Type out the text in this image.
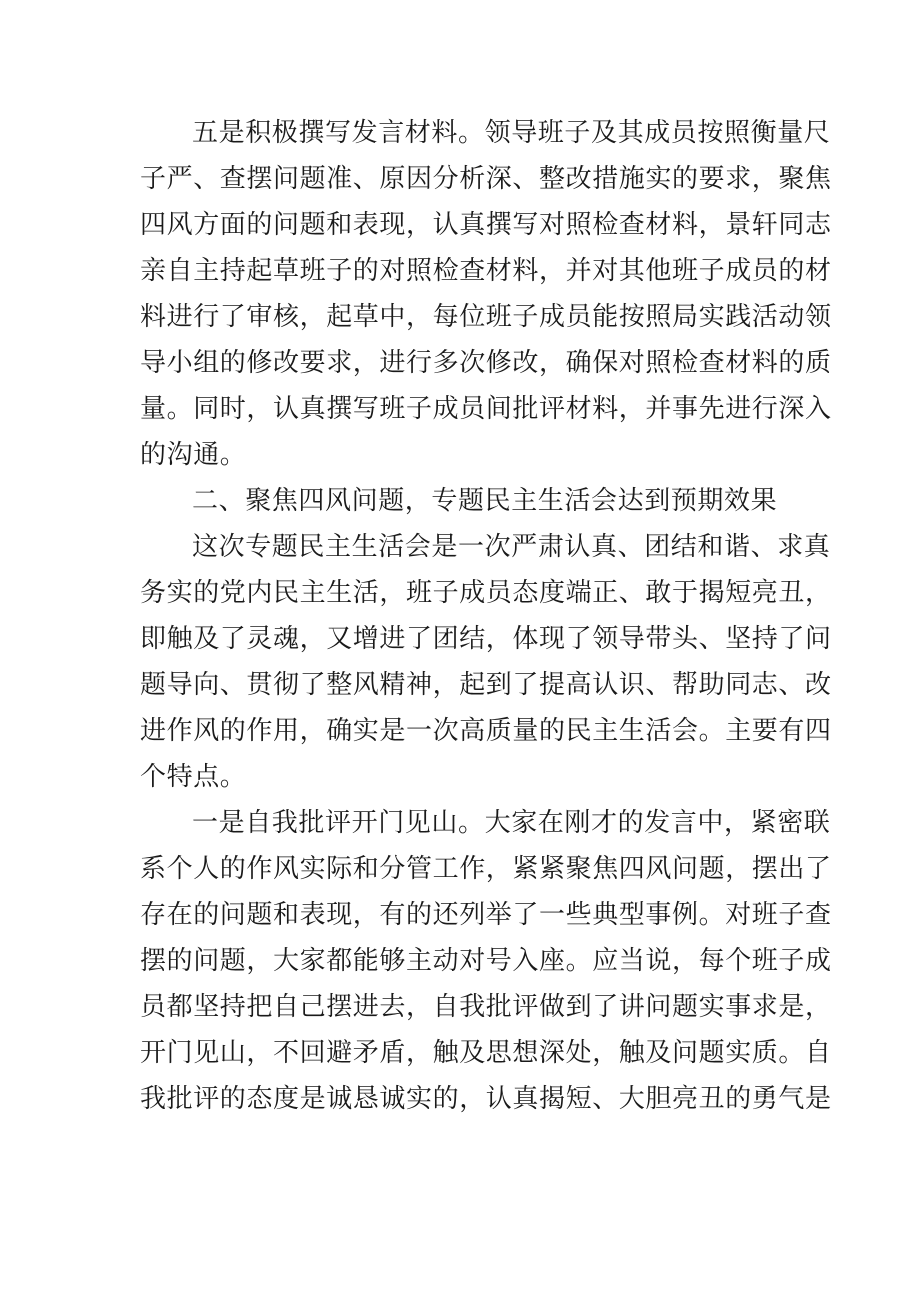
五是积极撰写发言材料。领导班子及其成员按照衡量尺
子严、查摆问题准、原因分析深、整改措施实的要求，聚焦
四风方面的问题和表现，认真撰写对照检查材料，景轩同志
亲自主持起草班子的对照检查材料，并对其他班子成员的材
料进行了审核，起草中，每位班子成员能按照局实践活动领
导小组的修改要求，进行多次修改，确保对照检查材料的质
量。同时，认真撰写班子成员间批评材料，并事先进行深入
的沟通。
二、聚焦四风问题，专题民主生活会达到预期效果
这次专题民主生活会是一次严肃认真、团结和谐、求真
务实的党内民主生活，班子成员态度端正、敢于揭短亮丑，
即触及了灵魂，又增进了团结，体现了领导带头、坚持了问
题导向、贯彻了整风精神，起到了提高认识、帮助同志、改
进作风的作用，确实是一次高质量的民主生活会。主要有四
个特点。
一是自我批评开门见山。大家在刚才的发言中，紧密联
系个人的作风实际和分管工作，紧紧聚焦四风问题，摆出了
存在的问题和表现，有的还列举了一些典型事例。对班子查
摆的问题，大家都能够主动对号入座。应当说，每个班子成
员都坚持把自己摆进去，自我批评做到了讲问题实事求是，
开门见山，不回避矛盾，触及思想深处，触及问题实质。自
我批评的态度是诚恳诚实的，认真揭短、大胆亮丑的勇气是
